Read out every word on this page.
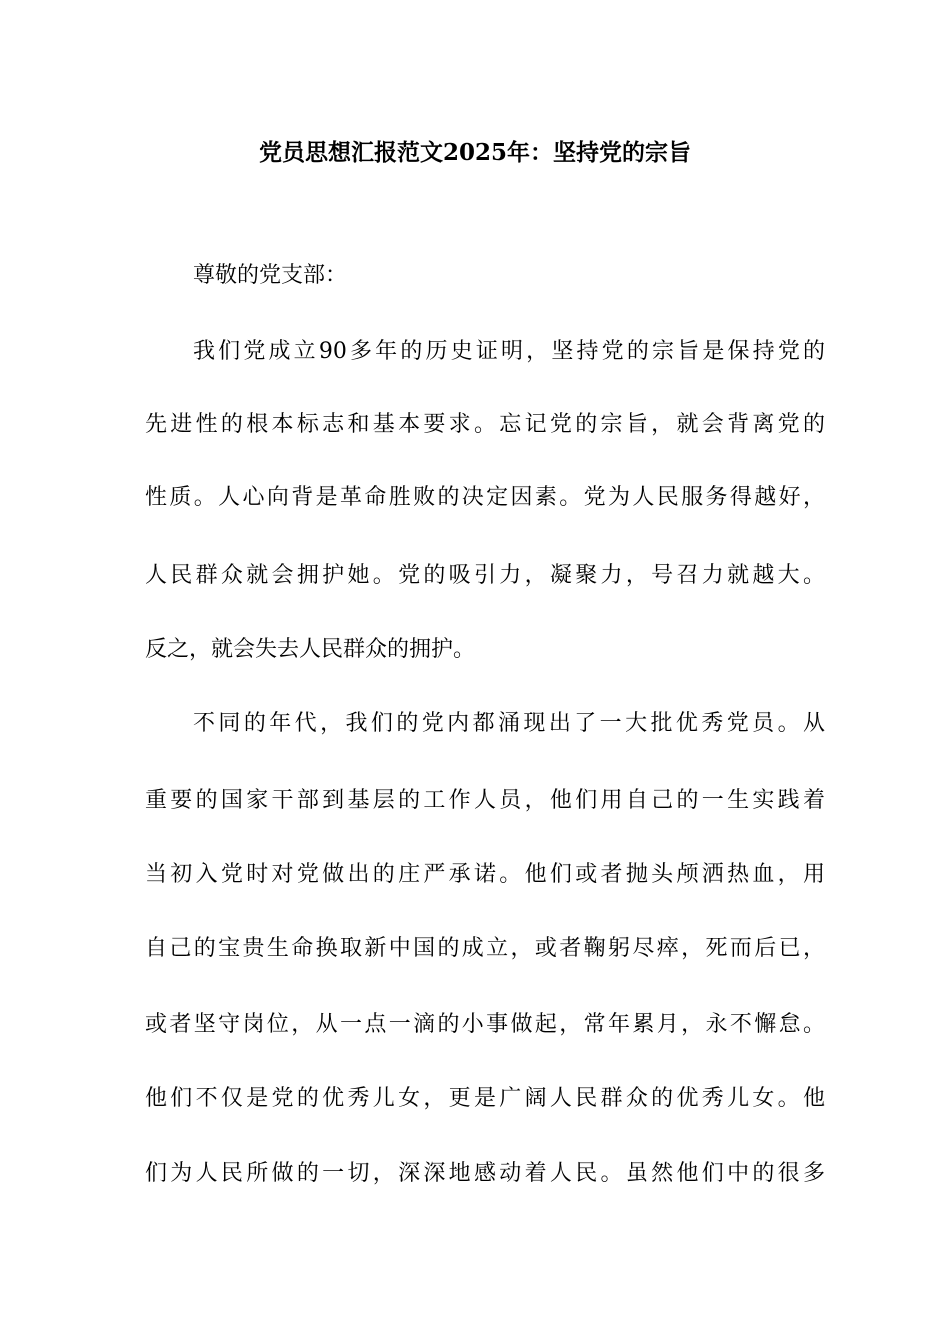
党员思想汇报范文2025年：坚持党的宗旨
尊敬的党支部：
我们党成立90多年的历史证明，坚持党的宗旨是保持党的
先进性的根本标志和基本要求。忘记党的宗旨，就会背离党的
性质。人心向背是革命胜败的决定因素。党为人民服务得越好，
人民群众就会拥护她。党的吸引力，凝聚力，号召力就越大。
反之，就会失去人民群众的拥护。
不同的年代，我们的党内都涌现出了一大批优秀党员。从
重要的国家干部到基层的工作人员，他们用自己的一生实践着
当初入党时对党做出的庄严承诺。他们或者抛头颅洒热血，用
自己的宝贵生命换取新中国的成立，或者鞠躬尽瘁，死而后已，
或者坚守岗位，从一点一滴的小事做起，常年累月，永不懈怠。
他们不仅是党的优秀儿女，更是广阔人民群众的优秀儿女。他
们为人民所做的一切，深深地感动着人民。虽然他们中的很多
